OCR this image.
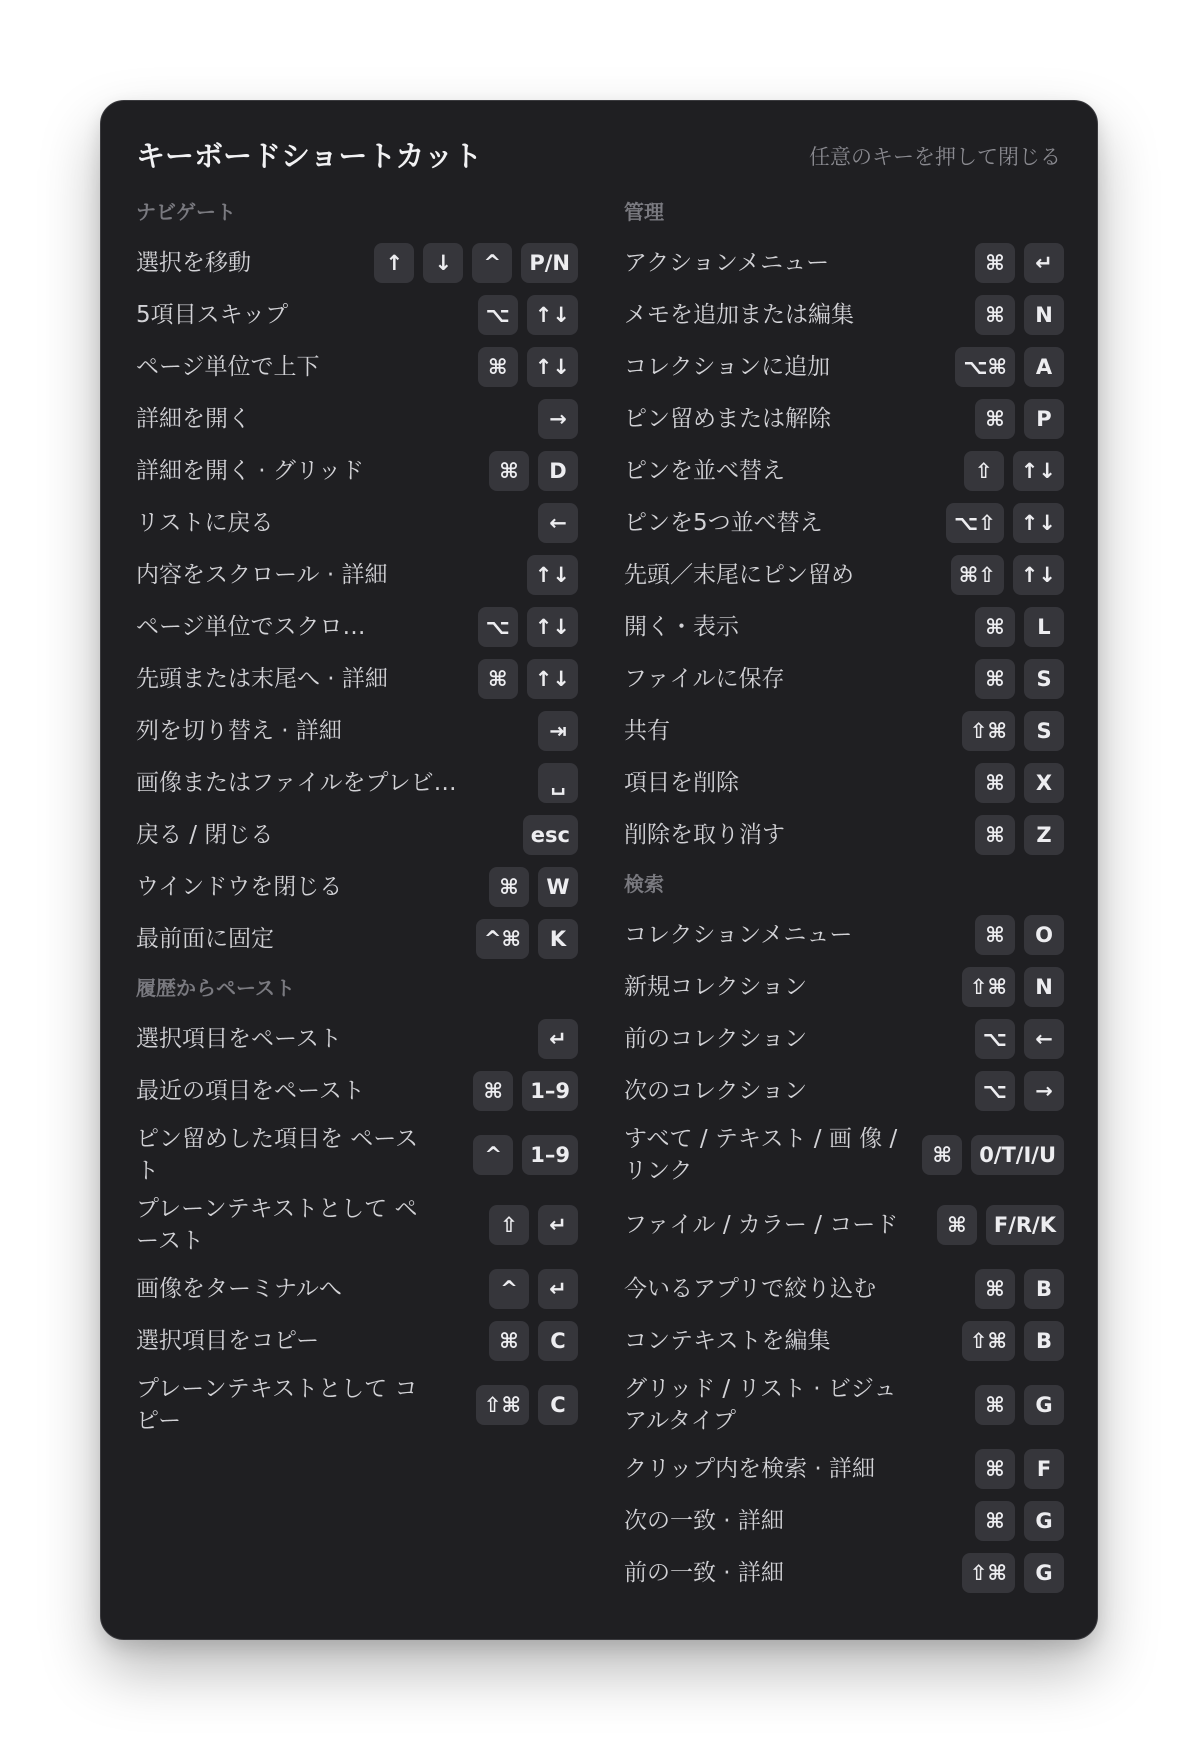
キーボードショートカット	任意のキーを押して閉じる
ナビゲート
選択を移動	↑	↓	^	P/N
5項目スキップ	⌥	↑↓
ページ単位で上下	⌘	↑↓
詳細を開く	→
詳細を開く · グリッド	⌘	D
リストに戻る	←
内容をスクロール · 詳細	↑↓
ページ単位でスクロ…	⌥	↑↓
先頭または末尾へ · 詳細	⌘	↑↓
列を切り替え · 詳細	⇥
画像またはファイルをプレビ…	␣
戻る / 閉じる	esc
ウインドウを閉じる	⌘	W
最前面に固定	^⌘	K
履歴からペースト
選択項目をペースト	↵
最近の項目をペースト	⌘	1–9
ピン留めした項目を ペースト
^	1–9
プレーンテキストとして ペースト
⇧	↵
画像をターミナルへ	^	↵
選択項目をコピー	⌘	C
プレーンテキストとして コピー
⇧⌘	C
管理
アクションメニュー	⌘	↵
メモを追加または編集	⌘	N
コレクションに追加	⌥⌘	A
ピン留めまたは解除	⌘	P
ピンを並べ替え	⇧	↑↓
ピンを5つ並べ替え	⌥⇧	↑↓
先頭／末尾にピン留め	⌘⇧	↑↓
開く・表示	⌘	L
ファイルに保存	⌘	S
共有	⇧⌘	S
項目を削除	⌘	X
削除を取り消す	⌘	Z
検索
コレクションメニュー	⌘	O
新規コレクション	⇧⌘	N
前のコレクション	⌥	←
次のコレクション	⌥	→
すべて / テキスト / 画 像 / リンク
⌘	0/T/I/U
ファイル / カラー / コード	⌘	F/R/K
今いるアプリで絞り込む	⌘	B
コンテキストを編集	⇧⌘	B
グリッド / リスト · ビジュ アルタイプ
⌘	G
クリップ内を検索 · 詳細	⌘	F
次の一致 · 詳細	⌘	G
前の一致 · 詳細	⇧⌘	G
